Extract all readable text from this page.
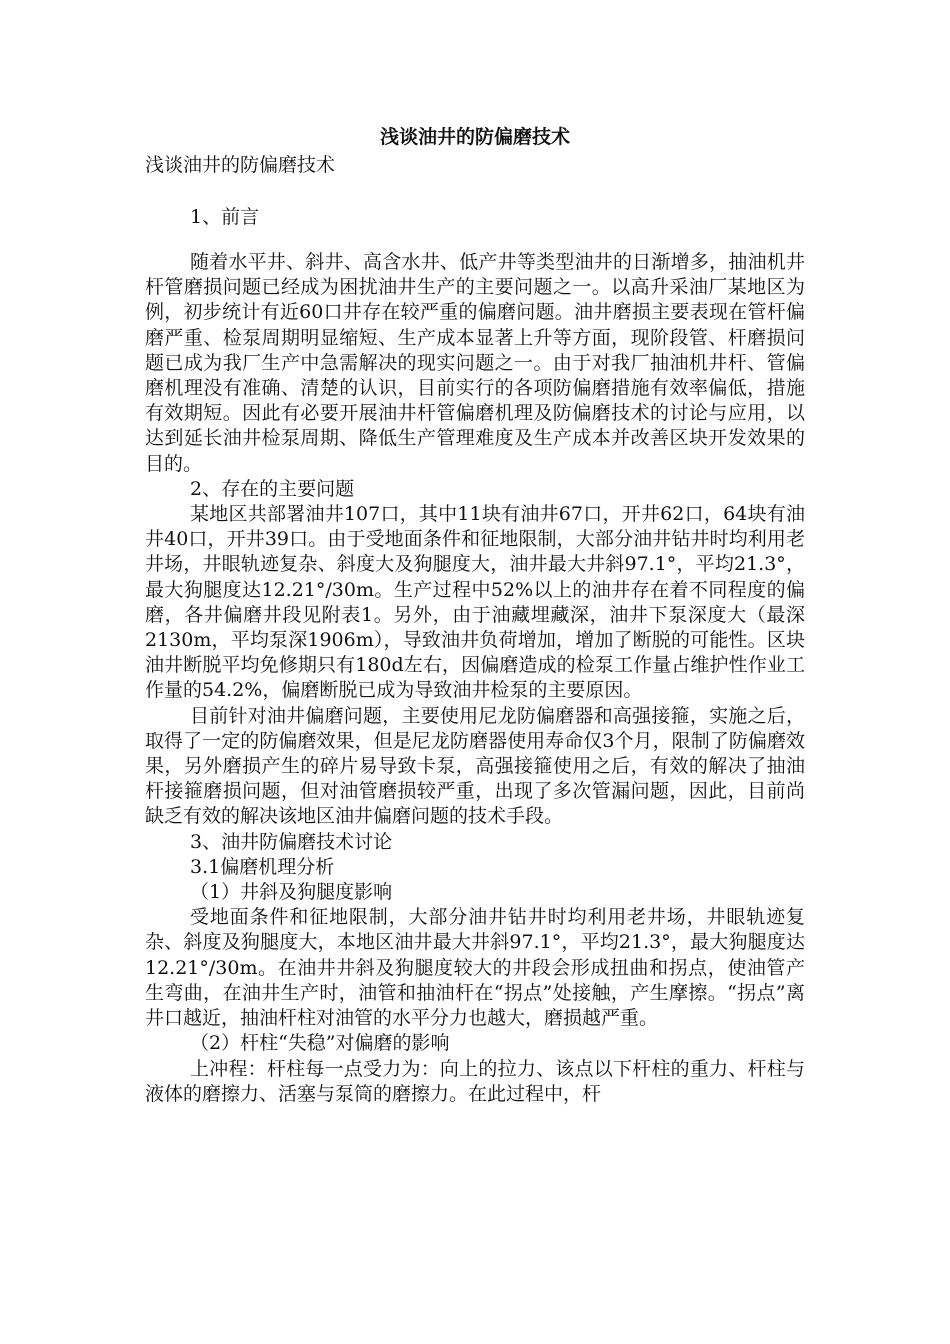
浅谈油井的防偏磨技术
浅谈油井的防偏磨技术
1、前言

随着水平井、斜井、高含水井、低产井等类型油井的日渐增多，抽油机井杆管磨损问题已经成为困扰油井生产的主要问题之一。以高升采油厂某地区为例，初步统计有近60口井存在较严重的偏磨问题。油井磨损主要表现在管杆偏磨严重、检泵周期明显缩短、生产成本显著上升等方面，现阶段管、杆磨损问题已成为我厂生产中急需解决的现实问题之一。由于对我厂抽油机井杆、管偏磨机理没有准确、清楚的认识，目前实行的各项防偏磨措施有效率偏低，措施有效期短。因此有必要开展油井杆管偏磨机理及防偏磨技术的讨论与应用，以达到延长油井检泵周期、降低生产管理难度及生产成本并改善区块开发效果的目的。

2、存在的主要问题

某地区共部署油井107口，其中11块有油井67口，开井62口，64块有油井40口，开井39口。由于受地面条件和征地限制，大部分油井钻井时均利用老井场，井眼轨迹复杂、斜度大及狗腿度大，油井最大井斜97.1°，平均21.3°，最大狗腿度达12.21°/30m。生产过程中52%以上的油井存在着不同程度的偏磨，各井偏磨井段见附表1。另外，由于油藏埋藏深，油井下泵深度大（最深2130m，平均泵深1906m），导致油井负荷增加，增加了断脱的可能性。区块油井断脱平均免修期只有180d左右，因偏磨造成的检泵工作量占维护性作业工作量的54.2%，偏磨断脱已成为导致油井检泵的主要原因。

目前针对油井偏磨问题，主要使用尼龙防偏磨器和高强接箍，实施之后，取得了一定的防偏磨效果，但是尼龙防磨器使用寿命仅3个月，限制了防偏磨效果，另外磨损产生的碎片易导致卡泵，高强接箍使用之后，有效的解决了抽油杆接箍磨损问题，但对油管磨损较严重，出现了多次管漏问题，因此，目前尚缺乏有效的解决该地区油井偏磨问题的技术手段。

3、油井防偏磨技术讨论

3.1偏磨机理分析

（1）井斜及狗腿度影响

受地面条件和征地限制，大部分油井钻井时均利用老井场，井眼轨迹复杂、斜度及狗腿度大，本地区油井最大井斜97.1°，平均21.3°，最大狗腿度达12.21°/30m。在油井井斜及狗腿度较大的井段会形成扭曲和拐点，使油管产生弯曲，在油井生产时，油管和抽油杆在“拐点”处接触，产生摩擦。“拐点”离井口越近，抽油杆柱对油管的水平分力也越大，磨损越严重。

（2）杆柱“失稳”对偏磨的影响

上冲程：杆柱每一点受力为：向上的拉力、该点以下杆柱的重力、杆柱与液体的磨擦力、活塞与泵筒的磨擦力。在此过程中，杆
